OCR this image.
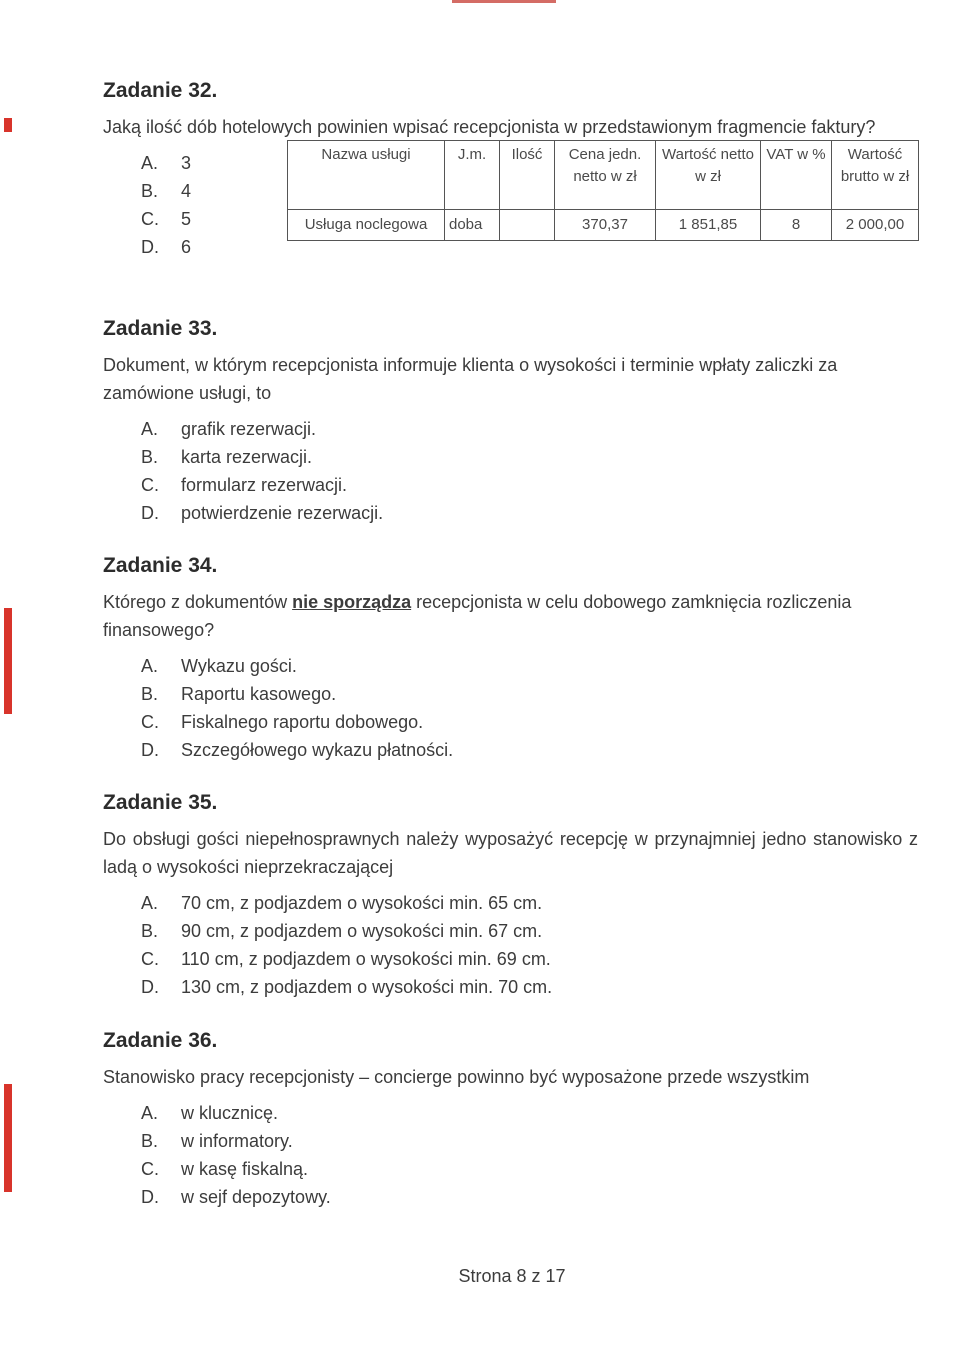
Zadanie 32.

Jaką ilość dób hotelowych powinien wpisać recepcjonista w przedstawionym fragmencie faktury?

A.	3
B.	4
C.	5
D.	6
Nazwa usługi	J.m.	Ilość	Cena jedn. netto w zł	Wartość netto w zł	VAT w %	Wartość brutto w zł
Usługa noclegowa	doba		370,37	1 851,85	8	2 000,00
Zadanie 33.

Dokument, w którym recepcjonista informuje klienta o wysokości i terminie wpłaty zaliczki za zamówione usługi, to

A.	grafik rezerwacji.
B.	karta rezerwacji.
C.	formularz rezerwacji.
D.	potwierdzenie rezerwacji.
Zadanie 34.

Którego z dokumentów nie sporządza recepcjonista w celu dobowego zamknięcia rozliczenia finansowego?

A.	Wykazu gości.
B.	Raportu kasowego.
C.	Fiskalnego raportu dobowego.
D.	Szczegółowego wykazu płatności.
Zadanie 35.

Do obsługi gości niepełnosprawnych należy wyposażyć recepcję w przynajmniej jedno stanowisko z ladą o wysokości nieprzekraczającej

A.	70 cm, z podjazdem o wysokości min. 65 cm.
B.	90 cm, z podjazdem o wysokości min. 67 cm.
C.	110 cm, z podjazdem o wysokości min. 69 cm.
D.	130 cm, z podjazdem o wysokości min. 70 cm.
Zadanie 36.

Stanowisko pracy recepcjonisty – concierge powinno być wyposażone przede wszystkim

A.	w klucznicę.
B.	w informatory.
C.	w kasę fiskalną.
D.	w sejf depozytowy.
Strona 8 z 17
